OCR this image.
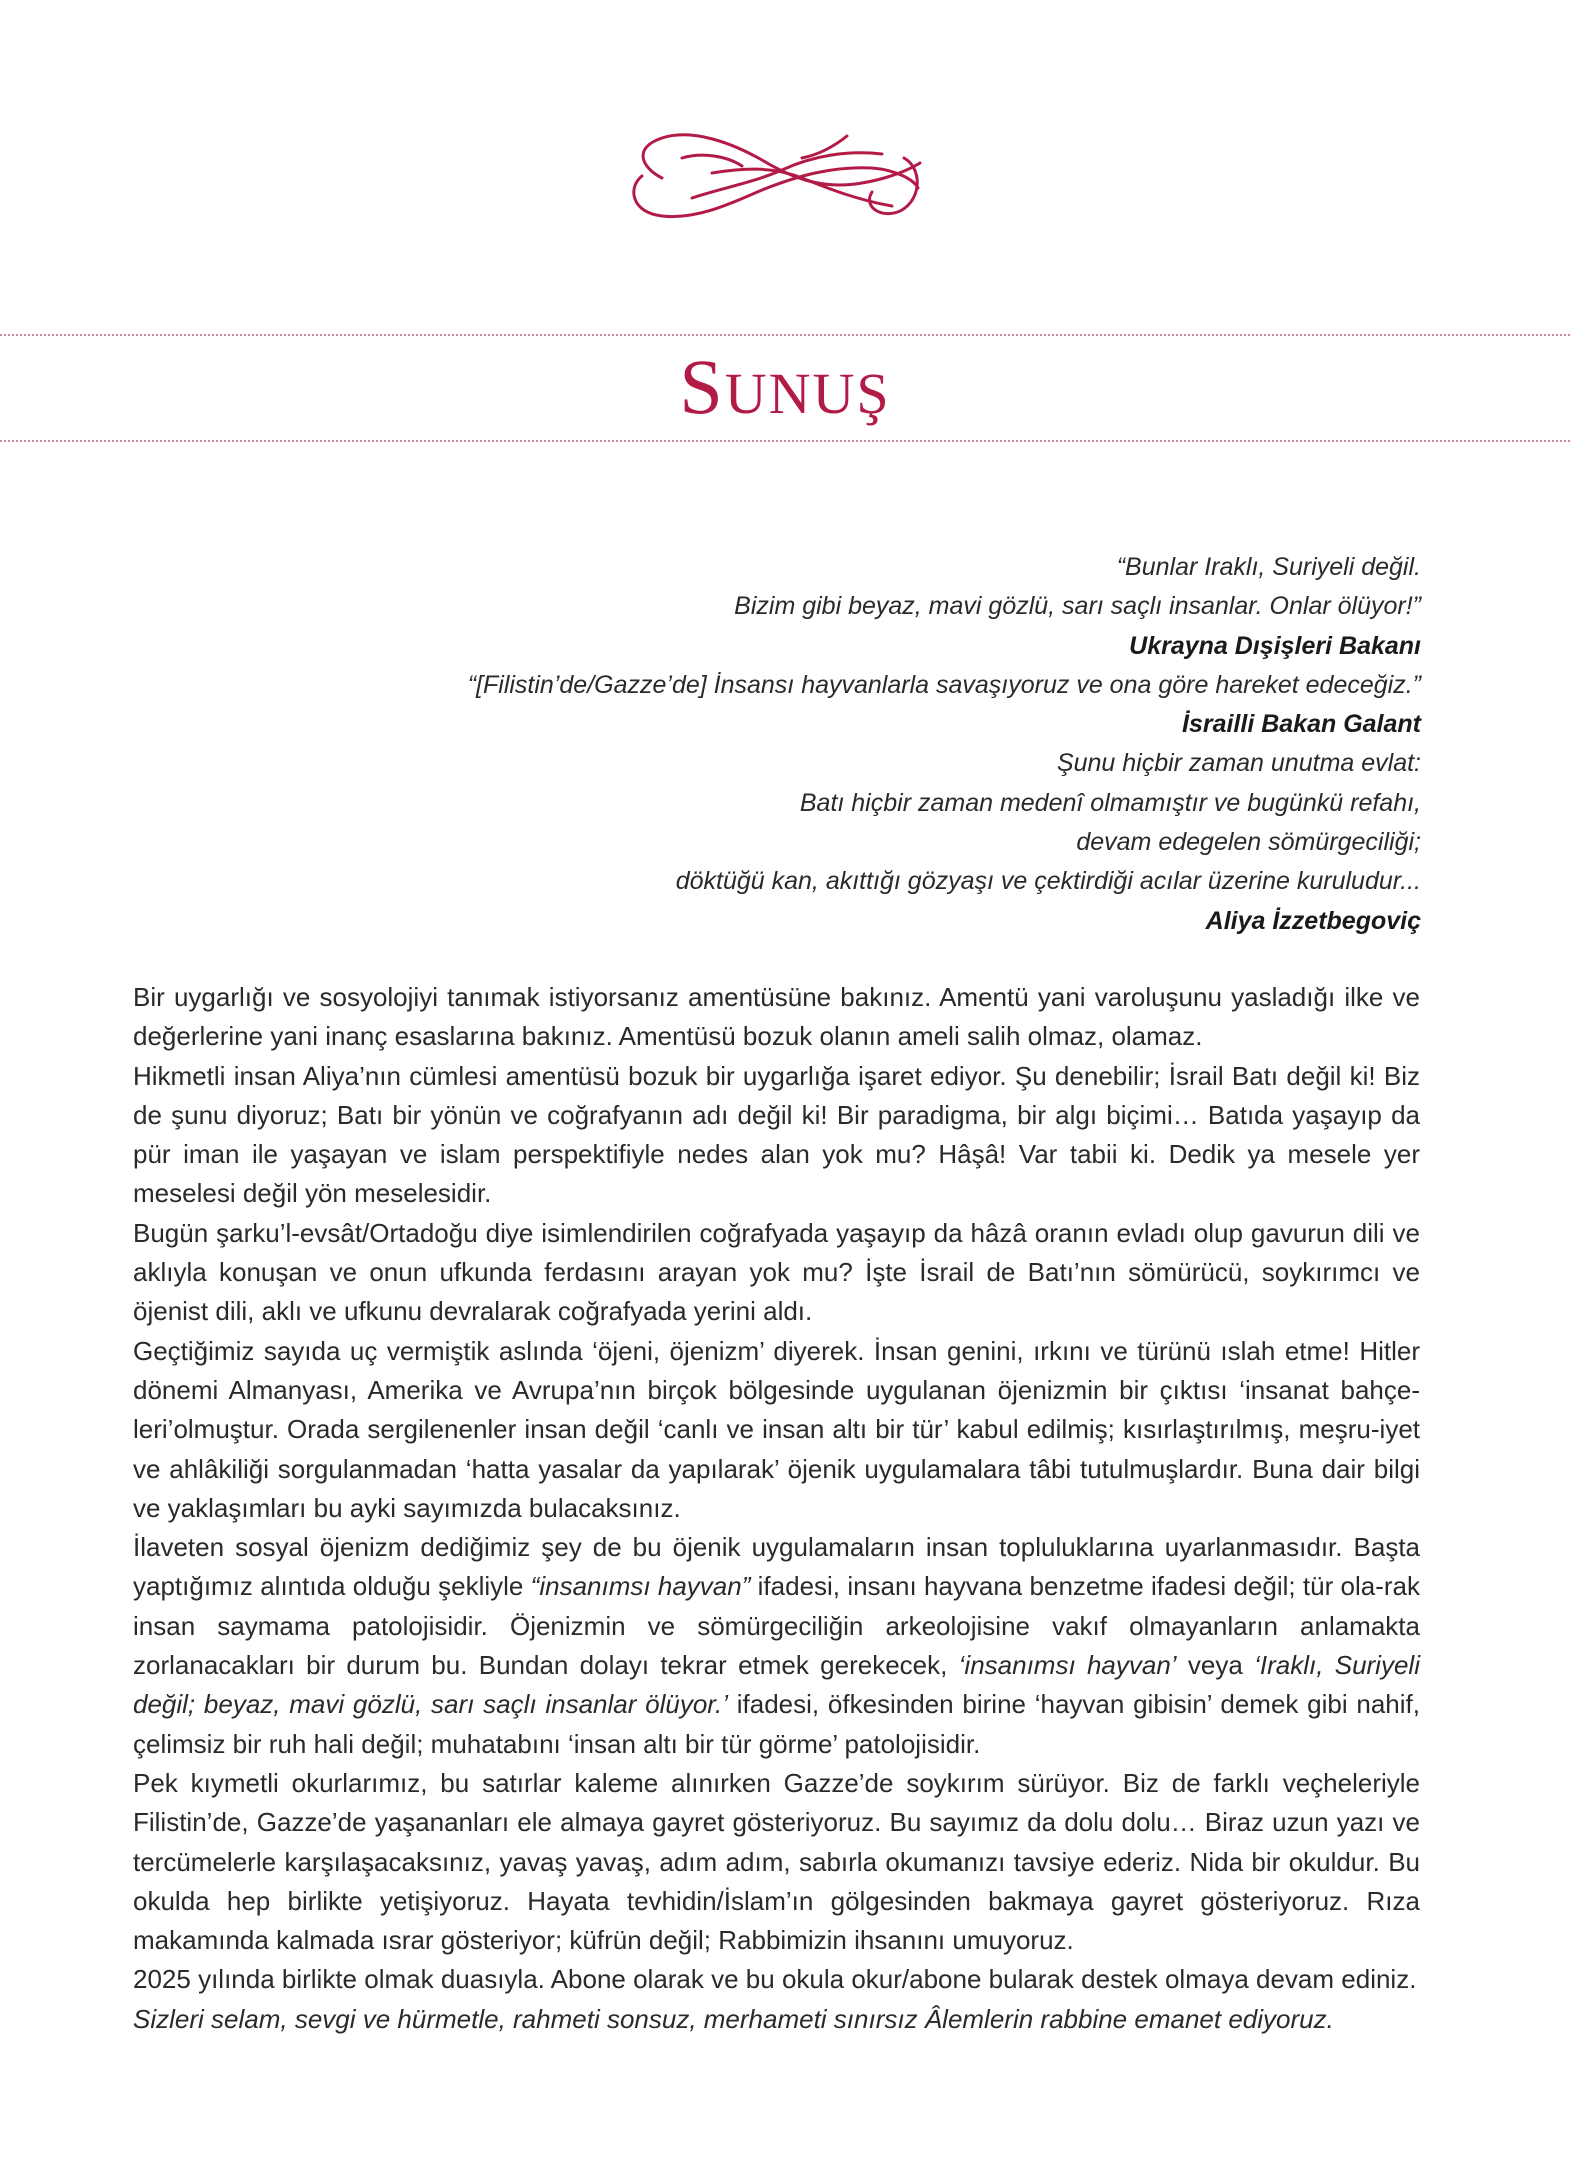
SUNUŞ
“Bunlar Iraklı, Suriyeli değil.
Bizim gibi beyaz, mavi gözlü, sarı saçlı insanlar. Onlar ölüyor!”
Ukrayna Dışişleri Bakanı
“[Filistin’de/Gazze’de] İnsansı hayvanlarla savaşıyoruz ve ona göre hareket edeceğiz.”
İsrailli Bakan Galant
Şunu hiçbir zaman unutma evlat:
Batı hiçbir zaman medenî olmamıştır ve bugünkü refahı,
devam edegelen sömürgeciliği;
döktüğü kan, akıttığı gözyaşı ve çektirdiği acılar üzerine kuruludur...
Aliya İzzetbegoviç

Bir uygarlığı ve sosyolojiyi tanımak istiyorsanız amentüsüne bakınız. Amentü yani varoluşunu yasladığı ilke ve değerlerine yani inanç esaslarına bakınız. Amentüsü bozuk olanın ameli salih olmaz, olamaz.

Hikmetli insan Aliya’nın cümlesi amentüsü bozuk bir uygarlığa işaret ediyor. Şu denebilir; İsrail Batı değil ki! Biz de şunu diyoruz; Batı bir yönün ve coğrafyanın adı değil ki! Bir paradigma, bir algı biçimi… Batıda yaşayıp da pür iman ile yaşayan ve islam perspektifiyle nedes alan yok mu? Hâşâ! Var tabii ki. Dedik ya mesele yer meselesi değil yön meselesidir.

Bugün şarku’l-evsât/Ortadoğu diye isimlendirilen coğrafyada yaşayıp da hâzâ oranın evladı olup gavurun dili ve aklıyla konuşan ve onun ufkunda ferdasını arayan yok mu? İşte İsrail de Batı’nın sömürücü, soykırımcı ve öjenist dili, aklı ve ufkunu devralarak coğrafyada yerini aldı.

Geçtiğimiz sayıda uç vermiştik aslında ‘öjeni, öjenizm’ diyerek. İnsan genini, ırkını ve türünü ıslah etme! Hitler dönemi Almanyası, Amerika ve Avrupa’nın birçok bölgesinde uygulanan öjenizmin bir çıktısı ‘insanat bahçe-leri’olmuştur. Orada sergilenenler insan değil ‘canlı ve insan altı bir tür’ kabul edilmiş; kısırlaştırılmış, meşru-iyet ve ahlâkiliği sorgulanmadan ‘hatta yasalar da yapılarak’ öjenik uygulamalara tâbi tutulmuşlardır. Buna dair bilgi ve yaklaşımları bu ayki sayımızda bulacaksınız.

İlaveten sosyal öjenizm dediğimiz şey de bu öjenik uygulamaların insan topluluklarına uyarlanmasıdır. Başta yaptığımız alıntıda olduğu şekliyle “insanımsı hayvan” ifadesi, insanı hayvana benzetme ifadesi değil; tür ola-rak insan saymama patolojisidir. Öjenizmin ve sömürgeciliğin arkeolojisine vakıf olmayanların anlamakta zorlanacakları bir durum bu. Bundan dolayı tekrar etmek gerekecek, ‘insanımsı hayvan’ veya ‘Iraklı, Suriyeli değil; beyaz, mavi gözlü, sarı saçlı insanlar ölüyor.’ ifadesi, öfkesinden birine ‘hayvan gibisin’ demek gibi nahif, çelimsiz bir ruh hali değil; muhatabını ‘insan altı bir tür görme’ patolojisidir.

Pek kıymetli okurlarımız, bu satırlar kaleme alınırken Gazze’de soykırım sürüyor. Biz de farklı veçheleriyle Filistin’de, Gazze’de yaşananları ele almaya gayret gösteriyoruz. Bu sayımız da dolu dolu… Biraz uzun yazı ve tercümelerle karşılaşacaksınız, yavaş yavaş, adım adım, sabırla okumanızı tavsiye ederiz. Nida bir okuldur. Bu okulda hep birlikte yetişiyoruz. Hayata tevhidin/İslam’ın gölgesinden bakmaya gayret gösteriyoruz. Rıza makamında kalmada ısrar gösteriyor; küfrün değil; Rabbimizin ihsanını umuyoruz.

2025 yılında birlikte olmak duasıyla. Abone olarak ve bu okula okur/abone bularak destek olmaya devam ediniz.

Sizleri selam, sevgi ve hürmetle, rahmeti sonsuz, merhameti sınırsız Âlemlerin rabbine emanet ediyoruz.
